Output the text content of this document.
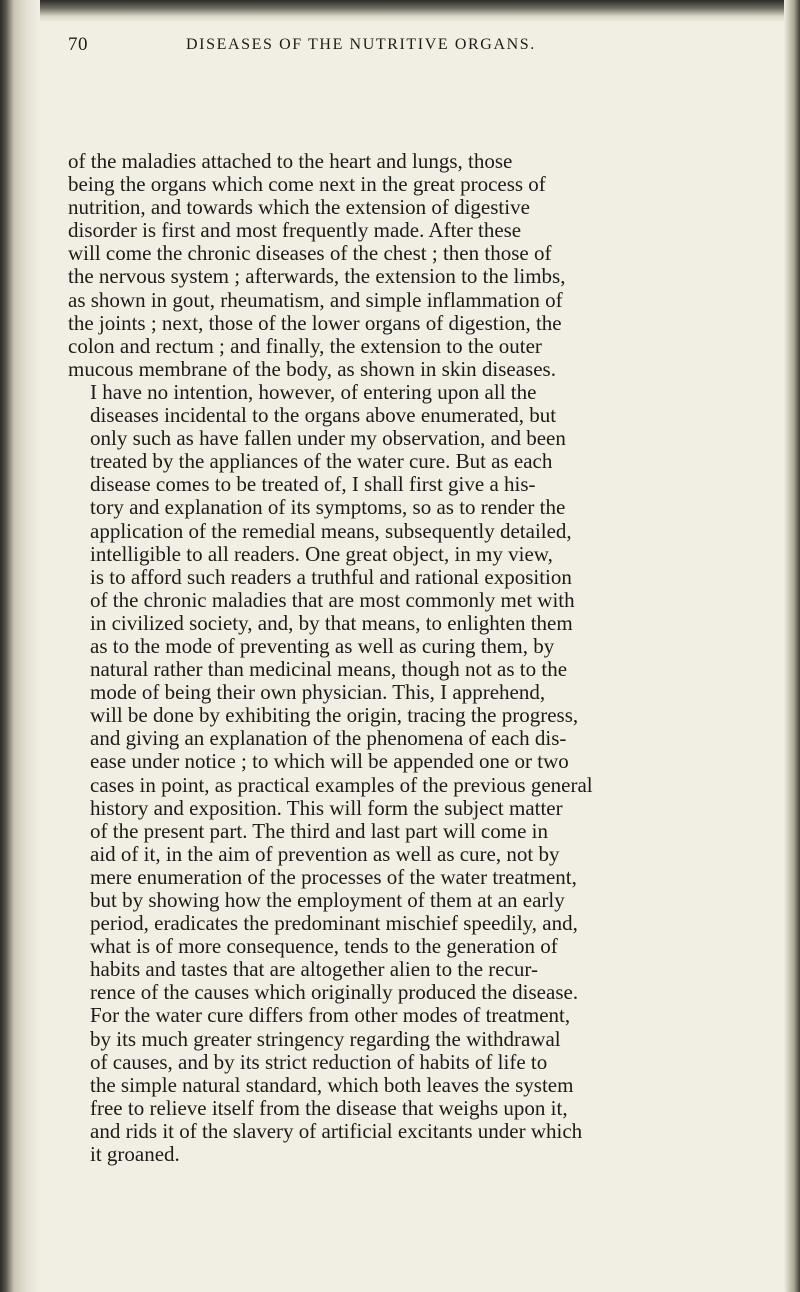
70	DISEASES OF THE NUTRITIVE ORGANS.

of the maladies attached to the heart and lungs, those
being the organs which come next in the great process of
nutrition, and towards which the extension of digestive
disorder is first and most frequently made. After these
will come the chronic diseases of the chest ; then those of
the nervous system ; afterwards, the extension to the limbs,
as shown in gout, rheumatism, and simple inflammation of
the joints ; next, those of the lower organs of digestion, the
colon and rectum ; and finally, the extension to the outer
mucous membrane of the body, as shown in skin diseases.

I have no intention, however, of entering upon all the
diseases incidental to the organs above enumerated, but
only such as have fallen under my observation, and been
treated by the appliances of the water cure. But as each
disease comes to be treated of, I shall first give a his-
tory and explanation of its symptoms, so as to render the
application of the remedial means, subsequently detailed,
intelligible to all readers. One great object, in my view,
is to afford such readers a truthful and rational exposition
of the chronic maladies that are most commonly met with
in civilized society, and, by that means, to enlighten them
as to the mode of preventing as well as curing them, by
natural rather than medicinal means, though not as to the
mode of being their own physician. This, I apprehend,
will be done by exhibiting the origin, tracing the progress,
and giving an explanation of the phenomena of each dis-
ease under notice ; to which will be appended one or two
cases in point, as practical examples of the previous general
history and exposition. This will form the subject matter
of the present part. The third and last part will come in
aid of it, in the aim of prevention as well as cure, not by
mere enumeration of the processes of the water treatment,
but by showing how the employment of them at an early
period, eradicates the predominant mischief speedily, and,
what is of more consequence, tends to the generation of
habits and tastes that are altogether alien to the recur-
rence of the causes which originally produced the disease.
For the water cure differs from other modes of treatment,
by its much greater stringency regarding the withdrawal
of causes, and by its strict reduction of habits of life to
the simple natural standard, which both leaves the system
free to relieve itself from the disease that weighs upon it,
and rids it of the slavery of artificial excitants under which
it groaned.
